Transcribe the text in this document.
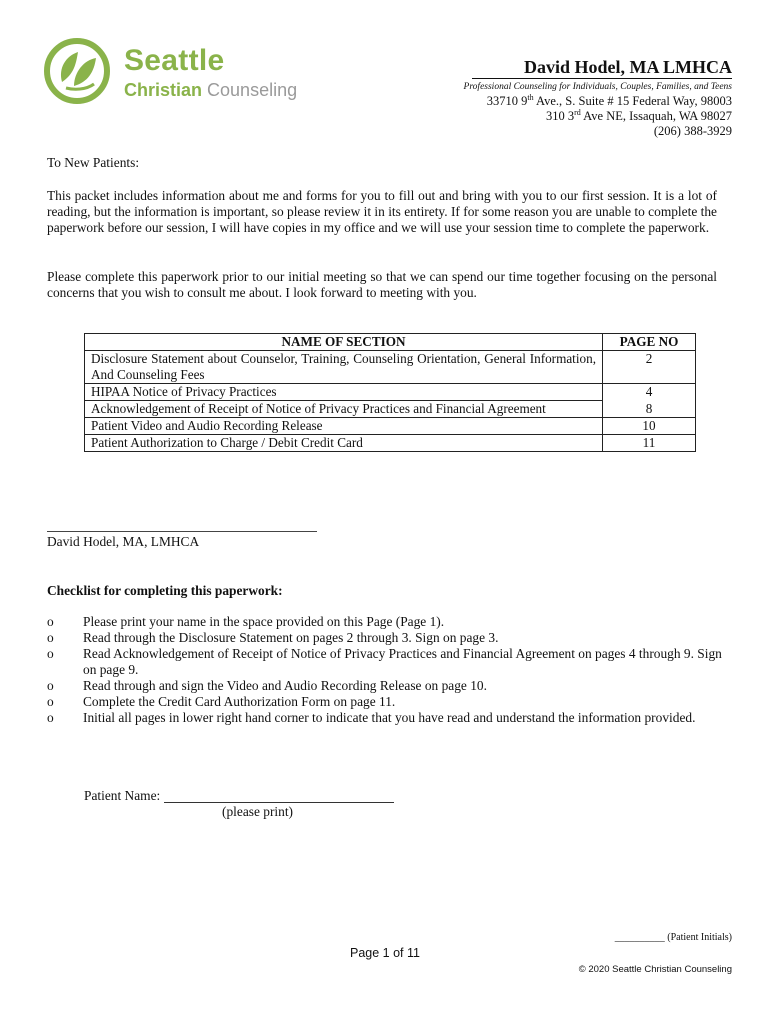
Seattle
Christian Counseling
David Hodel, MA LMHCA
Professional Counseling for Individuals, Couples, Families, and Teens
33710 9th Ave., S. Suite # 15 Federal Way, 98003
310 3rd Ave NE, Issaquah, WA 98027
(206) 388-3929
To New Patients:
This packet includes information about me and forms for you to fill out and bring with you to our first session. It is a lot of reading, but the information is important, so please review it in its entirety. If for some reason you are unable to complete the paperwork before our session, I will have copies in my office and we will use your session time to complete the paperwork.
Please complete this paperwork prior to our initial meeting so that we can spend our time together focusing on the personal concerns that you wish to consult me about. I look forward to meeting with you.
NAME OF SECTION	PAGE NO
Disclosure Statement about Counselor, Training, Counseling Orientation, General Information, And Counseling Fees	2
HIPAA Notice of Privacy Practices	4
Acknowledgement of Receipt of Notice of Privacy Practices and Financial Agreement	8
Patient Video and Audio Recording Release	10
Patient Authorization to Charge / Debit Credit Card	11
David Hodel, MA, LMHCA
Checklist for completing this paperwork:
o Please print your name in the space provided on this Page (Page 1).
o Read through the Disclosure Statement on pages 2 through 3. Sign on page 3.
o Read Acknowledgement of Receipt of Notice of Privacy Practices and Financial Agreement on pages 4 through 9. Sign on page 9.
o Read through and sign the Video and Audio Recording Release on page 10.
o Complete the Credit Card Authorization Form on page 11.
o Initial all pages in lower right hand corner to indicate that you have read and understand the information provided.
Patient Name:
(please print)
__________ (Patient Initials)
Page 1 of 11
© 2020 Seattle Christian Counseling
